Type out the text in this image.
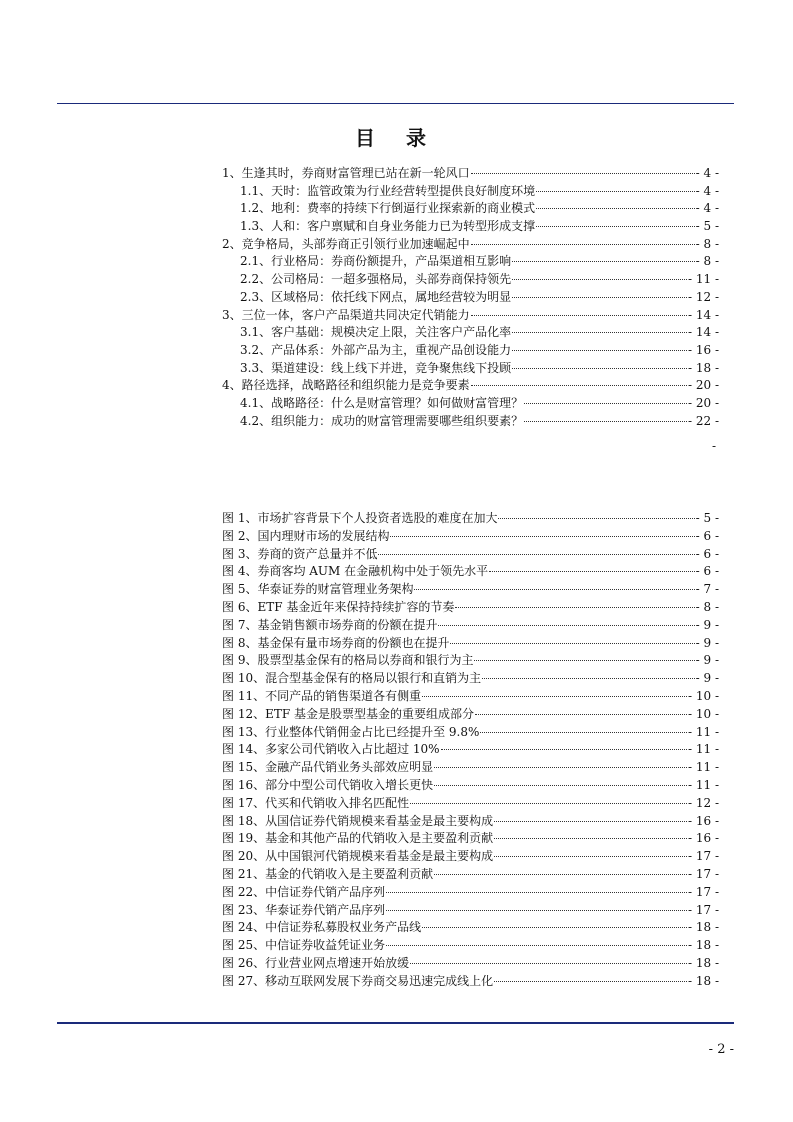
目 录
1、生逢其时，券商财富管理已站在新一轮风口	- 4 -
1.1、天时：监管政策为行业经营转型提供良好制度环境	- 4 -
1.2、地利：费率的持续下行倒逼行业探索新的商业模式	- 4 -
1.3、人和：客户禀赋和自身业务能力已为转型形成支撑	- 5 -
2、竞争格局，头部券商正引领行业加速崛起中	- 8 -
2.1、行业格局：券商份额提升，产品渠道相互影响	- 8 -
2.2、公司格局：一超多强格局，头部券商保持领先	- 11 -
2.3、区域格局：依托线下网点，属地经营较为明显	- 12 -
3、三位一体，客户产品渠道共同决定代销能力	- 14 -
3.1、客户基础：规模决定上限，关注客户产品化率	- 14 -
3.2、产品体系：外部产品为主，重视产品创设能力	- 16 -
3.3、渠道建设：线上线下并进，竞争聚焦线下投顾	- 18 -
4、路径选择，战略路径和组织能力是竞争要素	- 20 -
4.1、战略路径：什么是财富管理？如何做财富管理？	- 20 -
4.2、组织能力：成功的财富管理需要哪些组织要素？	- 22 -
-
图 1、市场扩容背景下个人投资者选股的难度在加大	- 5 -
图 2、国内理财市场的发展结构	- 6 -
图 3、券商的资产总量并不低	- 6 -
图 4、券商客均 AUM 在金融机构中处于领先水平	- 6 -
图 5、华泰证券的财富管理业务架构	- 7 -
图 6、ETF 基金近年来保持持续扩容的节奏	- 8 -
图 7、基金销售额市场券商的份额在提升	- 9 -
图 8、基金保有量市场券商的份额也在提升	- 9 -
图 9、股票型基金保有的格局以券商和银行为主	- 9 -
图 10、混合型基金保有的格局以银行和直销为主	- 9 -
图 11、不同产品的销售渠道各有侧重	- 10 -
图 12、ETF 基金是股票型基金的重要组成部分	- 10 -
图 13、行业整体代销佣金占比已经提升至 9.8%	- 11 -
图 14、多家公司代销收入占比超过 10%	- 11 -
图 15、金融产品代销业务头部效应明显	- 11 -
图 16、部分中型公司代销收入增长更快	- 11 -
图 17、代买和代销收入排名匹配性	- 12 -
图 18、从国信证券代销规模来看基金是最主要构成	- 16 -
图 19、基金和其他产品的代销收入是主要盈利贡献	- 16 -
图 20、从中国银河代销规模来看基金是最主要构成	- 17 -
图 21、基金的代销收入是主要盈利贡献	- 17 -
图 22、中信证券代销产品序列	- 17 -
图 23、华泰证券代销产品序列	- 17 -
图 24、中信证券私募股权业务产品线	- 18 -
图 25、中信证券收益凭证业务	- 18 -
图 26、行业营业网点增速开始放缓	- 18 -
图 27、移动互联网发展下券商交易迅速完成线上化	- 18 -
- 2 -
